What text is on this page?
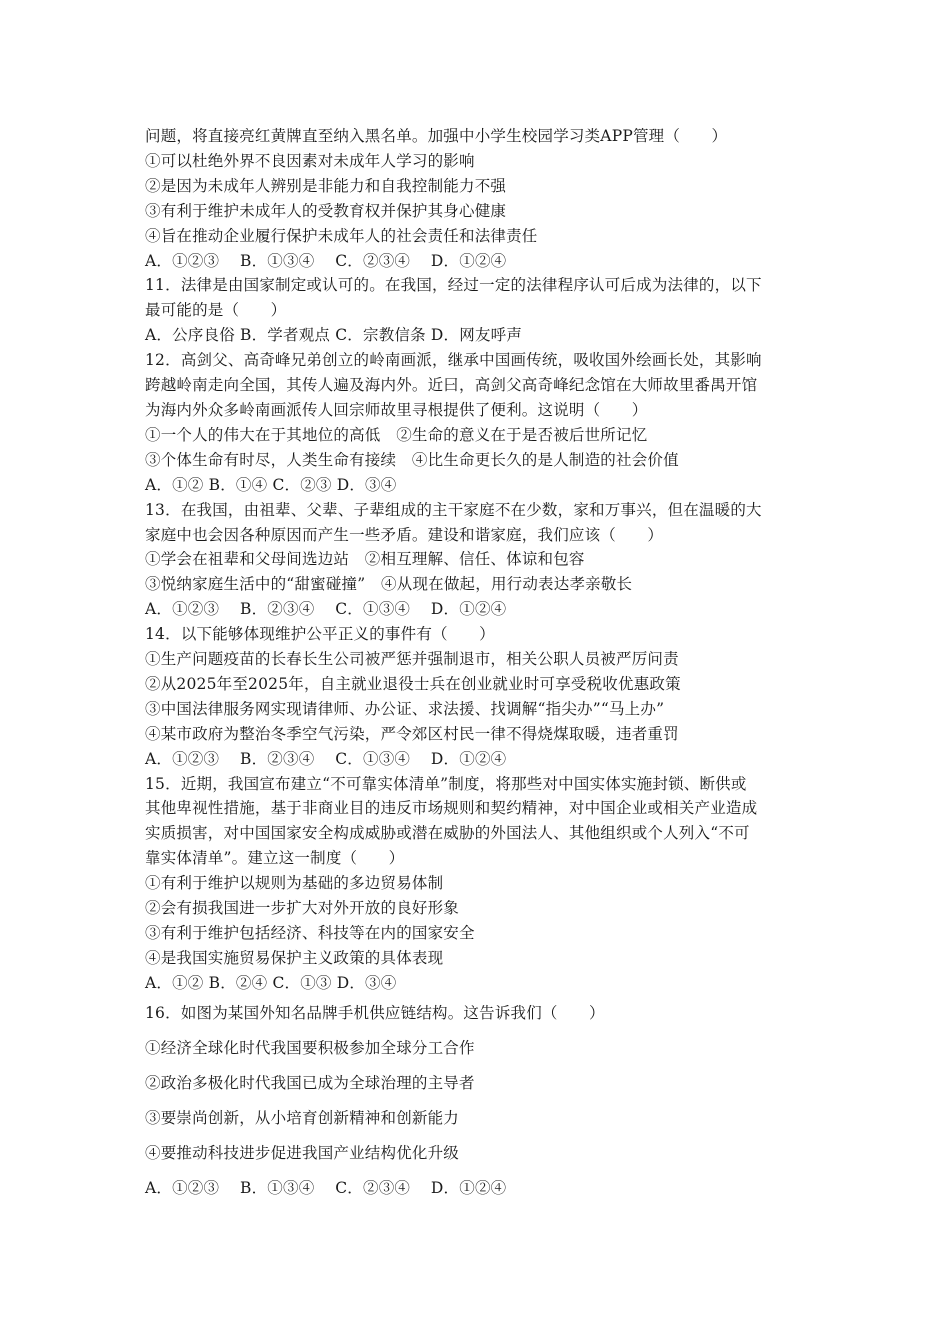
问题，将直接亮红黄牌直至纳入黑名单。加强中小学生校园学习类APP管理（　　）
①可以杜绝外界不良因素对未成年人学习的影响
②是因为未成年人辨别是非能力和自我控制能力不强
③有利于维护未成年人的受教育权并保护其身心健康
④旨在推动企业履行保护未成年人的社会责任和法律责任
A．①②③　 B．①③④　 C．②③④　 D．①②④
11．法律是由国家制定或认可的。在我国，经过一定的法律程序认可后成为法律的，以下
最可能的是（　　）
A．公序良俗 B．学者观点 C．宗教信条 D．网友呼声
12．高剑父、高奇峰兄弟创立的岭南画派，继承中国画传统，吸收国外绘画长处，其影响
跨越岭南走向全国，其传人遍及海内外。近曰，高剑父高奇峰纪念馆在大师故里番禺开馆
为海内外众多岭南画派传人回宗师故里寻根提供了便利。这说明（　　）
①一个人的伟大在于其地位的高低　②生命的意义在于是否被后世所记忆
③个体生命有时尽，人类生命有接续　④比生命更长久的是人制造的社会价值
A．①② B．①④ C．②③ D．③④
13．在我国，由祖辈、父辈、子辈组成的主干家庭不在少数，家和万事兴，但在温暖的大
家庭中也会因各种原因而产生一些矛盾。建设和谐家庭，我们应该（　　）
①学会在祖辈和父母间选边站　②相互理解、信任、体谅和包容
③悦纳家庭生活中的“甜蜜碰撞”　④从现在做起，用行动表达孝亲敬长
A．①②③　 B．②③④　 C．①③④　 D．①②④
14．以下能够体现维护公平正义的事件有（　　）
①生产问题疫苗的长春长生公司被严惩并强制退市，相关公职人员被严厉问责
②从2025年至2025年，自主就业退役士兵在创业就业时可享受税收优惠政策
③中国法律服务网实现请律师、办公证、求法援、找调解“指尖办”“马上办”
④某市政府为整治冬季空气污染，严令郊区村民一律不得烧煤取暖，违者重罚
A．①②③　 B．②③④　 C．①③④　 D．①②④
15．近期，我国宣布建立“不可靠实体清单”制度，将那些对中国实体实施封锁、断供或
其他卑视性措施，基于非商业目的违反市场规则和契约精神，对中国企业或相关产业造成
实质损害，对中国国家安全构成威胁或潜在威胁的外国法人、其他组织或个人列入“不可
靠实体清单”。建立这一制度（　　）
①有利于维护以规则为基础的多边贸易体制
②会有损我国进一步扩大对外开放的良好形象
③有利于维护包括经济、科技等在内的国家安全
④是我国实施贸易保护主义政策的具体表现
A．①② B．②④ C．①③ D．③④
16．如图为某国外知名品牌手机供应链结构。这告诉我们（　　）
①经济全球化时代我国要积极参加全球分工合作
②政治多极化时代我国已成为全球治理的主导者
③要崇尚创新，从小培育创新精神和创新能力
④要推动科技进步促进我国产业结构优化升级
A．①②③　 B．①③④　 C．②③④　 D．①②④
